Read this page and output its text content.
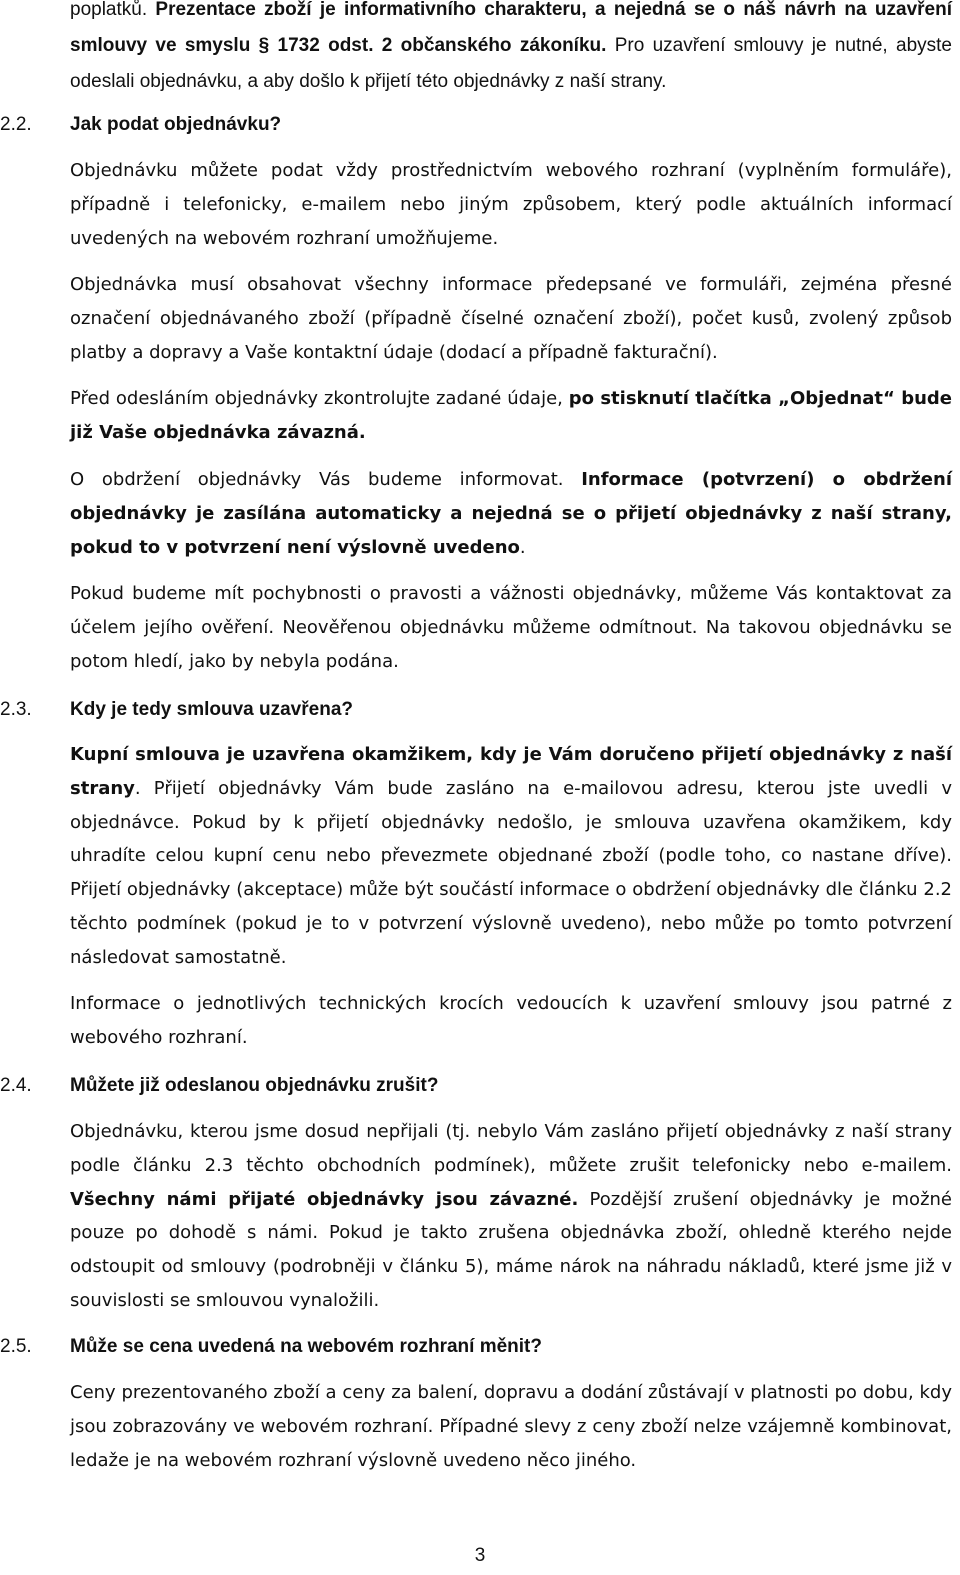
poplatků. Prezentace zboží je informativního charakteru, a nejedná se o náš návrh na uzavření smlouvy ve smyslu § 1732 odst. 2 občanského zákoníku. Pro uzavření smlouvy je nutné, abyste odeslali objednávku, a aby došlo k přijetí této objednávky z naší strany.

2.2. Jak podat objednávku?

Objednávku můžete podat vždy prostřednictvím webového rozhraní (vyplněním formuláře), případně i telefonicky, e-mailem nebo jiným způsobem, který podle aktuálních informací uvedených na webovém rozhraní umožňujeme.

Objednávka musí obsahovat všechny informace předepsané ve formuláři, zejména přesné označení objednávaného zboží (případně číselné označení zboží), počet kusů, zvolený způsob platby a dopravy a Vaše kontaktní údaje (dodací a případně fakturační).

Před odesláním objednávky zkontrolujte zadané údaje, po stisknutí tlačítka „Objednat“ bude již Vaše objednávka závazná.

O obdržení objednávky Vás budeme informovat. Informace (potvrzení) o obdržení objednávky je zasílána automaticky a nejedná se o přijetí objednávky z naší strany, pokud to v potvrzení není výslovně uvedeno.

Pokud budeme mít pochybnosti o pravosti a vážnosti objednávky, můžeme Vás kontaktovat za účelem jejího ověření. Neověřenou objednávku můžeme odmítnout. Na takovou objednávku se potom hledí, jako by nebyla podána.

2.3. Kdy je tedy smlouva uzavřena?

Kupní smlouva je uzavřena okamžikem, kdy je Vám doručeno přijetí objednávky z naší strany. Přijetí objednávky Vám bude zasláno na e-mailovou adresu, kterou jste uvedli v objednávce. Pokud by k přijetí objednávky nedošlo, je smlouva uzavřena okamžikem, kdy uhradíte celou kupní cenu nebo převezmete objednané zboží (podle toho, co nastane dříve). Přijetí objednávky (akceptace) může být součástí informace o obdržení objednávky dle článku 2.2 těchto podmínek (pokud je to v potvrzení výslovně uvedeno), nebo může po tomto potvrzení následovat samostatně.

Informace o jednotlivých technických krocích vedoucích k uzavření smlouvy jsou patrné z webového rozhraní.

2.4. Můžete již odeslanou objednávku zrušit?

Objednávku, kterou jsme dosud nepřijali (tj. nebylo Vám zasláno přijetí objednávky z naší strany podle článku 2.3 těchto obchodních podmínek), můžete zrušit telefonicky nebo e-mailem. Všechny námi přijaté objednávky jsou závazné. Pozdější zrušení objednávky je možné pouze po dohodě s námi. Pokud je takto zrušena objednávka zboží, ohledně kterého nejde odstoupit od smlouvy (podrobněji v článku 5), máme nárok na náhradu nákladů, které jsme již v souvislosti se smlouvou vynaložili.

2.5. Může se cena uvedená na webovém rozhraní měnit?

Ceny prezentovaného zboží a ceny za balení, dopravu a dodání zůstávají v platnosti po dobu, kdy jsou zobrazovány ve webovém rozhraní. Případné slevy z ceny zboží nelze vzájemně kombinovat, ledaže je na webovém rozhraní výslovně uvedeno něco jiného.

3
